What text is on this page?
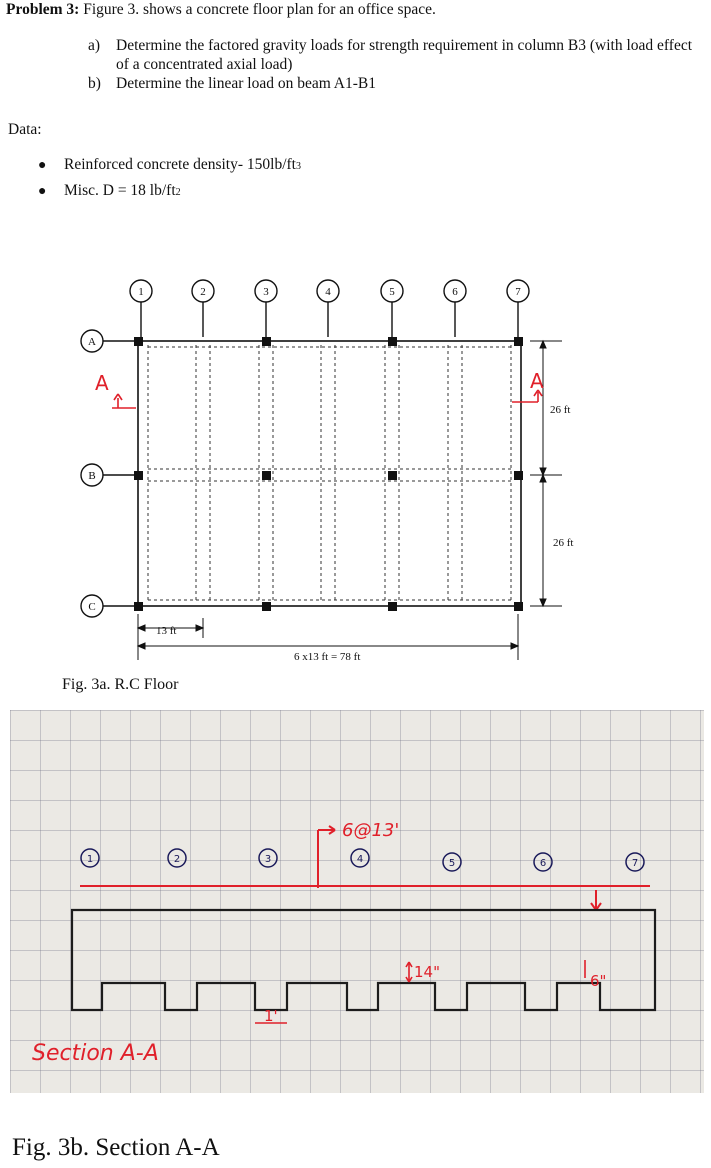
Problem 3: Figure 3. shows a concrete floor plan for an office space.
a)	Determine the factored gravity loads for strength requirement in column B3 (with load effect of a concentrated axial load)
b) Determine the linear load on beam A1-B1
Data:
●	Reinforced concrete density- 150lb/ft 3
●	Misc. D = 18 lb/ft 2
1	2	3	4	5	6	7
A
B
C
26 ft
26 ft
13 ft
6 x13 ft = 78 ft
A	A
Fig. 3a. R.C Floor
6@13'
1	2	3	4	5	6	7
14"	6"
1'
Section A-A
Fig. 3b. Section A-A
